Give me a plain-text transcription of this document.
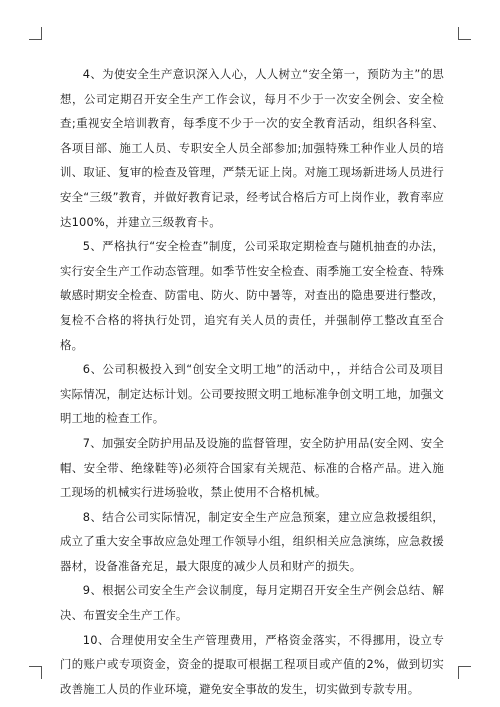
4、为使安全生产意识深入人心，人人树立“安全第一，预防为主”的思想，公司定期召开安全生产工作会议，每月不少于一次安全例会、安全检查;重视安全培训教育，每季度不少于一次的安全教育活动，组织各科室、各项目部、施工人员、专职安全人员全部参加;加强特殊工种作业人员的培训、取证、复审的检查及管理，严禁无证上岗。对施工现场新进场人员进行安全“三级”教育，并做好教育记录，经考试合格后方可上岗作业，教育率应达100%，并建立三级教育卡。

5、严格执行“安全检查”制度，公司采取定期检查与随机抽查的办法，实行安全生产工作动态管理。如季节性安全检查、雨季施工安全检查、特殊敏感时期安全检查、防雷电、防火、防中暑等，对查出的隐患要进行整改，复检不合格的将执行处罚，追究有关人员的责任，并强制停工整改直至合格。

6、公司积极投入到“创安全文明工地”的活动中，，并结合公司及项目实际情况，制定达标计划。公司要按照文明工地标准争创文明工地，加强文明工地的检查工作。

7、加强安全防护用品及设施的监督管理，安全防护用品(安全网、安全帽、安全带、绝缘鞋等)必须符合国家有关规范、标准的合格产品。进入施工现场的机械实行进场验收，禁止使用不合格机械。

8、结合公司实际情况，制定安全生产应急预案，建立应急救援组织，成立了重大安全事故应急处理工作领导小组，组织相关应急演练，应急救援器材，设备准备充足，最大限度的减少人员和财产的损失。

9、根据公司安全生产会议制度，每月定期召开安全生产例会总结、解决、布置安全生产工作。

10、合理使用安全生产管理费用，严格资金落实，不得挪用，设立专门的账户或专项资金，资金的提取可根据工程项目或产值的2%，做到切实改善施工人员的作业环境，避免安全事故的发生，切实做到专款专用。
